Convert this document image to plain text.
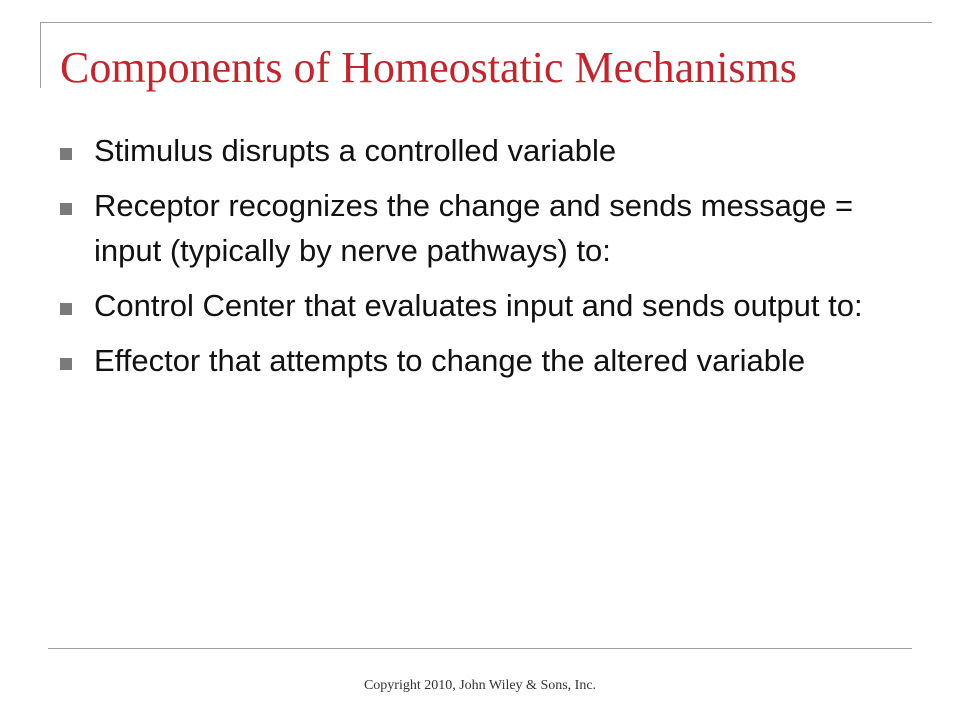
Components of Homeostatic Mechanisms
Stimulus disrupts a controlled variable
Receptor recognizes the change and sends message = input (typically by nerve pathways) to:
Control Center that evaluates input and sends output to:
Effector that attempts to change the altered variable
Copyright 2010, John Wiley & Sons, Inc.
